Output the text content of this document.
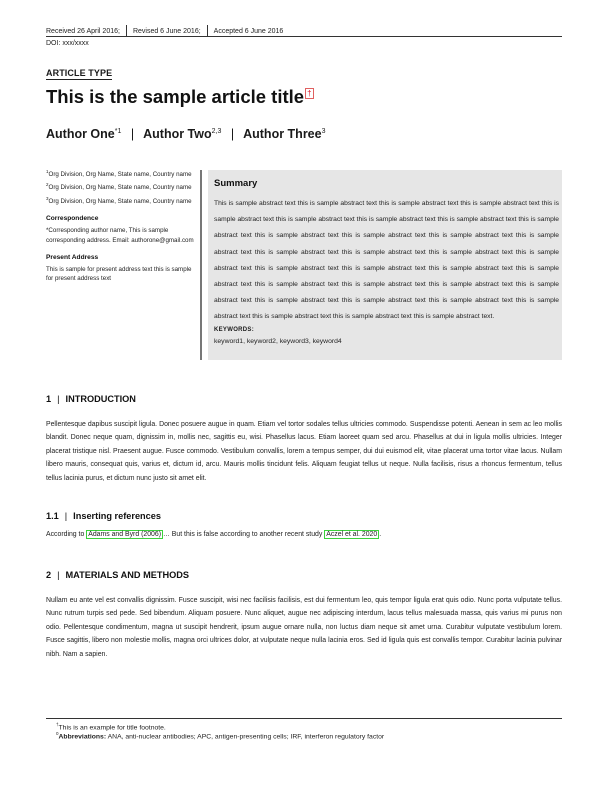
Received 26 April 2016; Revised 6 June 2016; Accepted 6 June 2016
DOI: xxx/xxxx
ARTICLE TYPE
This is the sample article title †
Author One$^{*1}$ | Author Two$^{2,3}$ | Author Three$^3$
$^1$Org Division, Org Name, State name, Country name
$^2$Org Division, Org Name, State name, Country name
$^3$Org Division, Org Name, State name, Country name
Correspondence
*Corresponding author name, This is sample corresponding address. Email: authorone@gmail.com
Present Address
This is sample for present address text this is sample for present address text
Summary
This is sample abstract text this is sample abstract text this is sample abstract text this is sample abstract text this is sample abstract text this is sample abstract text this is sample abstract text this is sample abstract text this is sample abstract text this is sample abstract text this is sample abstract text this is sample abstract text this is sample abstract text this is sample abstract text this is sample abstract text this is sample abstract text this is sample abstract text this is sample abstract text this is sample abstract text this is sample abstract text this is sample abstract text this is sample abstract text this is sample abstract text this is sample abstract text this is sample abstract text this is sample abstract text this is sample abstract text this is sample abstract text this is sample abstract text this is sample abstract text this is sample abstract text this is sample abstract text.
KEYWORDS:
keyword1, keyword2, keyword3, keyword4
1 | INTRODUCTION
Pellentesque dapibus suscipit ligula. Donec posuere augue in quam. Etiam vel tortor sodales tellus ultricies commodo. Suspendisse potenti. Aenean in sem ac leo mollis blandit. Donec neque quam, dignissim in, mollis nec, sagittis eu, wisi. Phasellus lacus. Etiam laoreet quam sed arcu. Phasellus at dui in ligula mollis ultricies. Integer placerat tristique nisl. Praesent augue. Fusce commodo. Vestibulum convallis, lorem a tempus semper, dui dui euismod elit, vitae placerat urna tortor vitae lacus. Nullam libero mauris, consequat quis, varius et, dictum id, arcu. Mauris mollis tincidunt felis. Aliquam feugiat tellus ut neque. Nulla facilisis, risus a rhoncus fermentum, tellus tellus lacinia purus, et dictum nunc justo sit amet elit.
1.1 | Inserting references
According to Adams and Byrd (2006) … But this is false according to another recent study Aczel et al. 2020 .
2 | MATERIALS AND METHODS
Nullam eu ante vel est convallis dignissim. Fusce suscipit, wisi nec facilisis facilisis, est dui fermentum leo, quis tempor ligula erat quis odio. Nunc porta vulputate tellus. Nunc rutrum turpis sed pede. Sed bibendum. Aliquam posuere. Nunc aliquet, augue nec adipiscing interdum, lacus tellus malesuada massa, quis varius mi purus non odio. Pellentesque condimentum, magna ut suscipit hendrerit, ipsum augue ornare nulla, non luctus diam neque sit amet urna. Curabitur vulputate vestibulum lorem. Fusce sagittis, libero non molestie mollis, magna orci ultrices dolor, at vulputate neque nulla lacinia eros. Sed id ligula quis est convallis tempor. Curabitur lacinia pulvinar nibh. Nam a sapien.
†This is an example for title footnote.
$^0$Abbreviations: ANA, anti-nuclear antibodies; APC, antigen-presenting cells; IRF, interferon regulatory factor
